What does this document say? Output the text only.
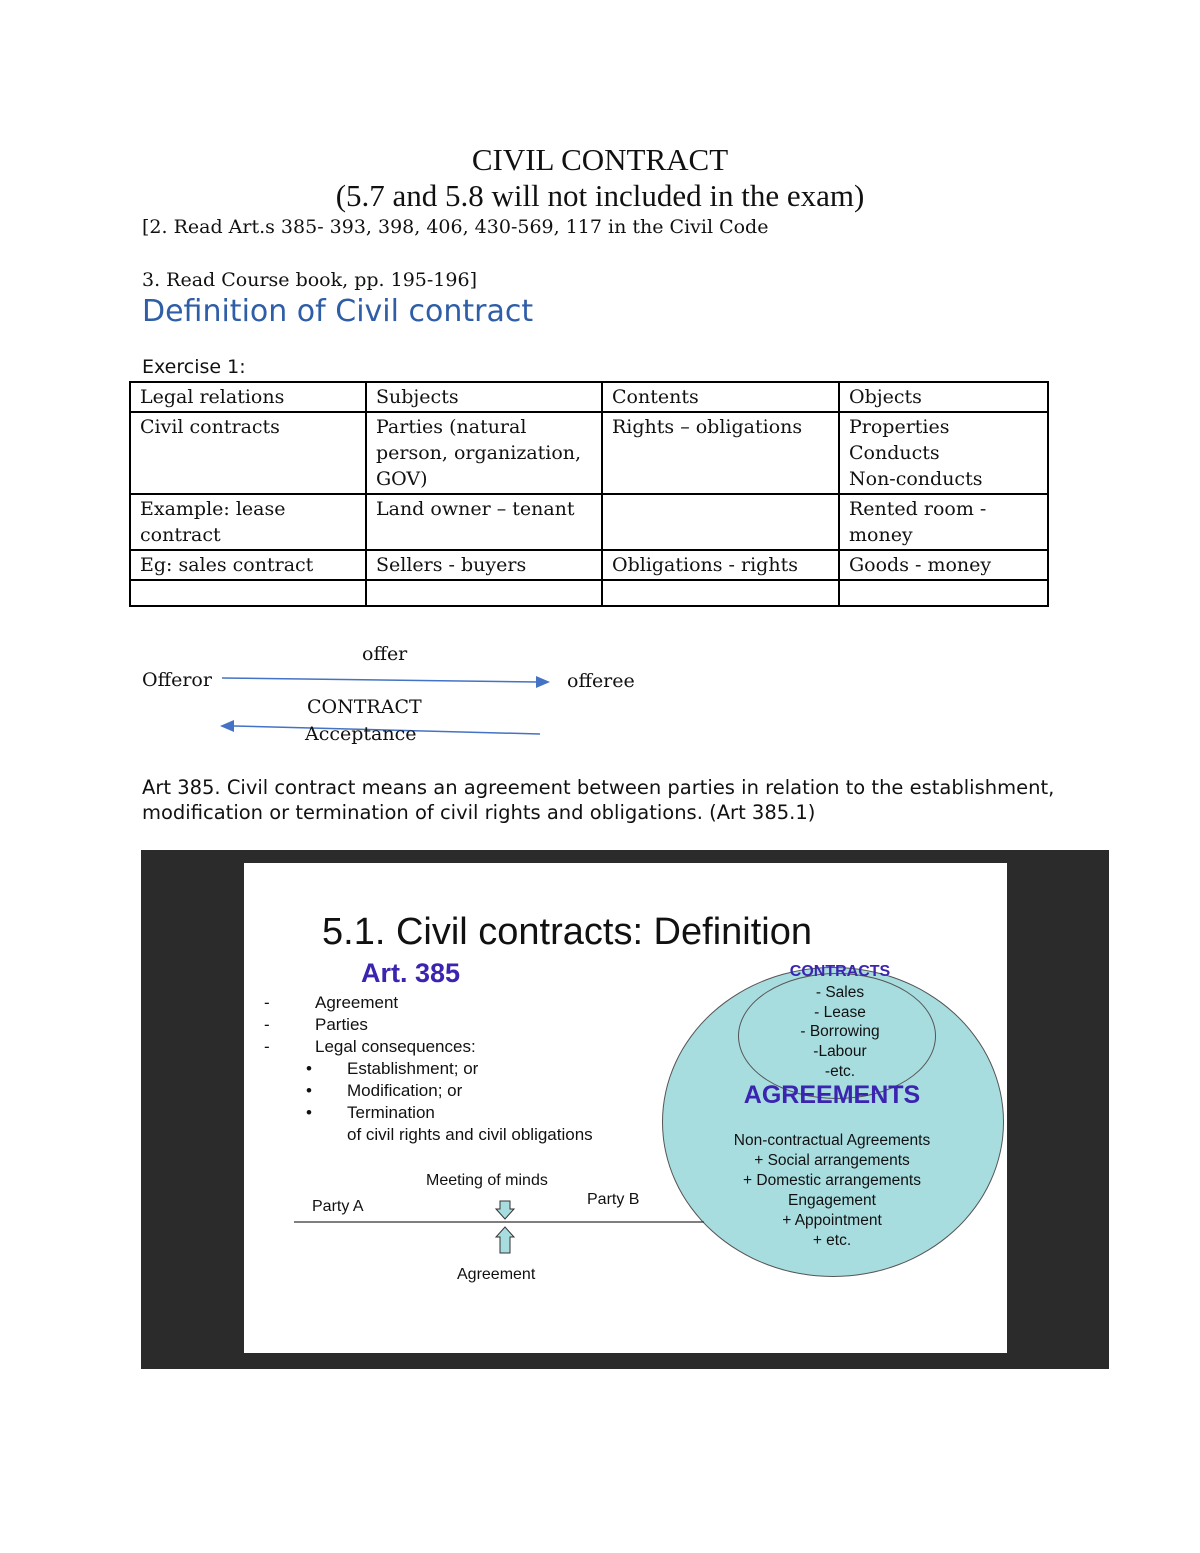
CIVIL CONTRACT
(5.7 and 5.8 will not included in the exam)
[2. Read Art.s 385- 393, 398, 406, 430-569, 117 in the Civil Code
3. Read Course book, pp. 195-196]
Definition of Civil contract
Exercise 1:
Legal relations	Subjects	Contents	Objects
Civil contracts	Parties (natural person, organization, GOV)	Rights – obligations	Properties
Conducts
Non-conducts
Example: lease contract	Land owner – tenant		Rented room - money
Eg: sales contract	Sellers - buyers	Obligations - rights	Goods - money

offer
Offeror	offeree
CONTRACT
Acceptance
Art 385. Civil contract means an agreement between parties in relation to the establishment, modification or termination of civil rights and obligations. (Art 385.1)
5.1. Civil contracts: Definition
Art. 385
-	Agreement
-	Parties
-	Legal consequences:
• Establishment; or
• Modification; or
• Termination
of civil rights and civil obligations
Meeting of minds
Party A	Party B
Agreement
CONTRACTS
- Sales
- Lease
- Borrowing
-Labour
-etc.
AGREEMENTS
Non-contractual Agreements
+ Social arrangements
+ Domestic arrangements
Engagement
+ Appointment
+ etc.
